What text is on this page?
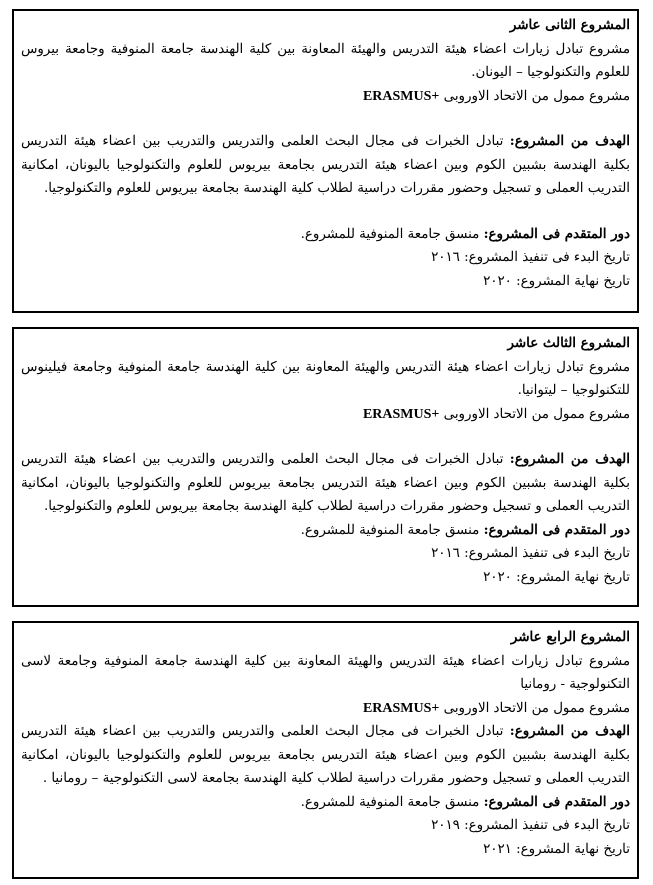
المشروع الثانى عاشر

مشروع تبادل زيارات اعضاء هيئة التدريس والهيئة المعاونة بين كلية الهندسة جامعة المنوفية وجامعة بيروس للعلوم والتكنولوجيا – اليونان.

مشروع ممول من الاتحاد الاوروبى ERASMUS+

الهدف من المشروع: تبادل الخبرات فى مجال البحث العلمى والتدريس والتدريب بين اعضاء هيئة التدريس بكلية الهندسة بشبين الكوم وبين اعضاء هيئة التدريس بجامعة بيريوس للعلوم والتكنولوجيا باليونان، امكانية التدريب العملى و تسجيل وحضور مقررات دراسية لطلاب كلية الهندسة بجامعة بيريوس للعلوم والتكنولوجيا.

دور المتقدم فى المشروع: منسق جامعة المنوفية للمشروع.

تاريخ البدء فى تنفيذ المشروع: ٢٠١٦

تاريخ نهاية المشروع: ٢٠٢٠

المشروع الثالث عاشر

مشروع تبادل زيارات اعضاء هيئة التدريس والهيئة المعاونة بين كلية الهندسة جامعة المنوفية وجامعة فيلينوس للتكنولوجيا – ليتوانيا.

مشروع ممول من الاتحاد الاوروبى ERASMUS+

الهدف من المشروع: تبادل الخبرات فى مجال البحث العلمى والتدريس والتدريب بين اعضاء هيئة التدريس بكلية الهندسة بشبين الكوم وبين اعضاء هيئة التدريس بجامعة بيريوس للعلوم والتكنولوجيا باليونان، امكانية التدريب العملى و تسجيل وحضور مقررات دراسية لطلاب كلية الهندسة بجامعة بيريوس للعلوم والتكنولوجيا.

دور المتقدم فى المشروع: منسق جامعة المنوفية للمشروع.

تاريخ البدء فى تنفيذ المشروع: ٢٠١٦

تاريخ نهاية المشروع: ٢٠٢٠

المشروع الرابع عاشر

مشروع تبادل زيارات اعضاء هيئة التدريس والهيئة المعاونة بين كلية الهندسة جامعة المنوفية وجامعة لاسى التكنولوجية - رومانيا

مشروع ممول من الاتحاد الاوروبى ERASMUS+

الهدف من المشروع: تبادل الخبرات فى مجال البحث العلمى والتدريس والتدريب بين اعضاء هيئة التدريس بكلية الهندسة بشبين الكوم وبين اعضاء هيئة التدريس بجامعة بيريوس للعلوم والتكنولوجيا باليونان، امكانية التدريب العملى و تسجيل وحضور مقررات دراسية لطلاب كلية الهندسة بجامعة لاسى التكنولوجية – رومانيا .

دور المتقدم فى المشروع: منسق جامعة المنوفية للمشروع.

تاريخ البدء فى تنفيذ المشروع: ٢٠١٩

تاريخ نهاية المشروع: ٢٠٢١
